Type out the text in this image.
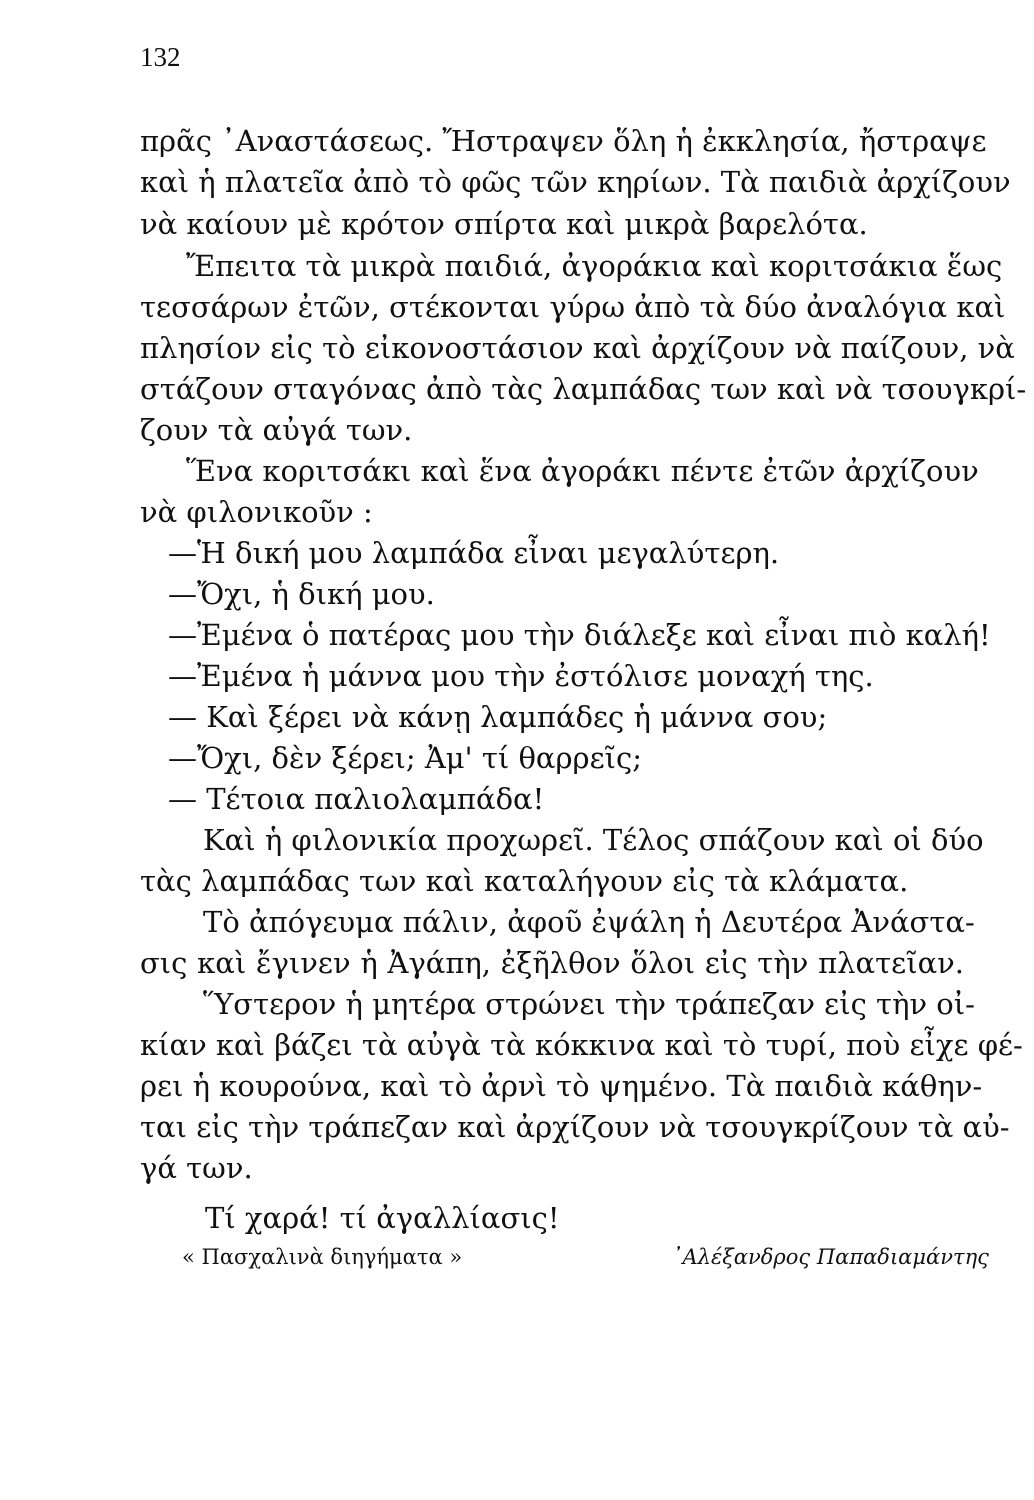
132
πρᾶς ᾿Αναστάσεως. Ἤστραψεν ὅλη ἡ ἐκκλησία, ἤστραψε
καὶ ἡ πλατεῖα ἀπὸ τὸ φῶς τῶν κηρίων. Τὰ παιδιὰ ἀρχίζουν
νὰ καίουν μὲ κρότον σπίρτα καὶ μικρὰ βαρελότα.
Ἔπειτα τὰ μικρὰ παιδιά, ἀγοράκια καὶ κοριτσάκια ἕως
τεσσάρων ἐτῶν, στέκονται γύρω ἀπὸ τὰ δύο ἀναλόγια καὶ
πλησίον εἰς τὸ εἰκονοστάσιον καὶ ἀρχίζουν νὰ παίζουν, νὰ
στάζουν σταγόνας ἀπὸ τὰς λαμπάδας των καὶ νὰ τσουγκρί-
ζουν τὰ αὐγά των.
Ἕνα κοριτσάκι καὶ ἕνα ἀγοράκι πέντε ἐτῶν ἀρχίζουν
νὰ φιλονικοῦν :
—Ἡ δική μου λαμπάδα εἶναι μεγαλύτερη.
—Ὄχι, ἡ δική μου.
—Ἐμένα ὁ πατέρας μου τὴν διάλεξε καὶ εἶναι πιὸ καλή!
—Ἐμένα ἡ μάννα μου τὴν ἐστόλισε μοναχή της.
— Καὶ ξέρει νὰ κάνῃ λαμπάδες ἡ μάννα σου;
—Ὄχι, δὲν ξέρει; Ἀμ' τί θαρρεῖς;
— Τέτοια παλιολαμπάδα!
Καὶ ἡ φιλονικία προχωρεῖ. Τέλος σπάζουν καὶ οἱ δύο
τὰς λαμπάδας των καὶ καταλήγουν εἰς τὰ κλάματα.
Τὸ ἀπόγευμα πάλιν, ἀφοῦ ἐψάλη ἡ Δευτέρα Ἀνάστα-
σις καὶ ἔγινεν ἡ Ἀγάπη, ἐξῆλθον ὅλοι εἰς τὴν πλατεῖαν.
Ὕστερον ἡ μητέρα στρώνει τὴν τράπεζαν εἰς τὴν οἰ-
κίαν καὶ βάζει τὰ αὐγὰ τὰ κόκκινα καὶ τὸ τυρί, ποὺ εἶχε φέ-
ρει ἡ κουρούνα, καὶ τὸ ἀρνὶ τὸ ψημένο. Τὰ παιδιὰ κάθην-
ται εἰς τὴν τράπεζαν καὶ ἀρχίζουν νὰ τσουγκρίζουν τὰ αὐ-
γά των.
Τί χαρά! τί ἀγαλλίασις!
« Πασχαλινὰ διηγήματα »	᾿Αλέξανδρος Παπαδιαμάντης
